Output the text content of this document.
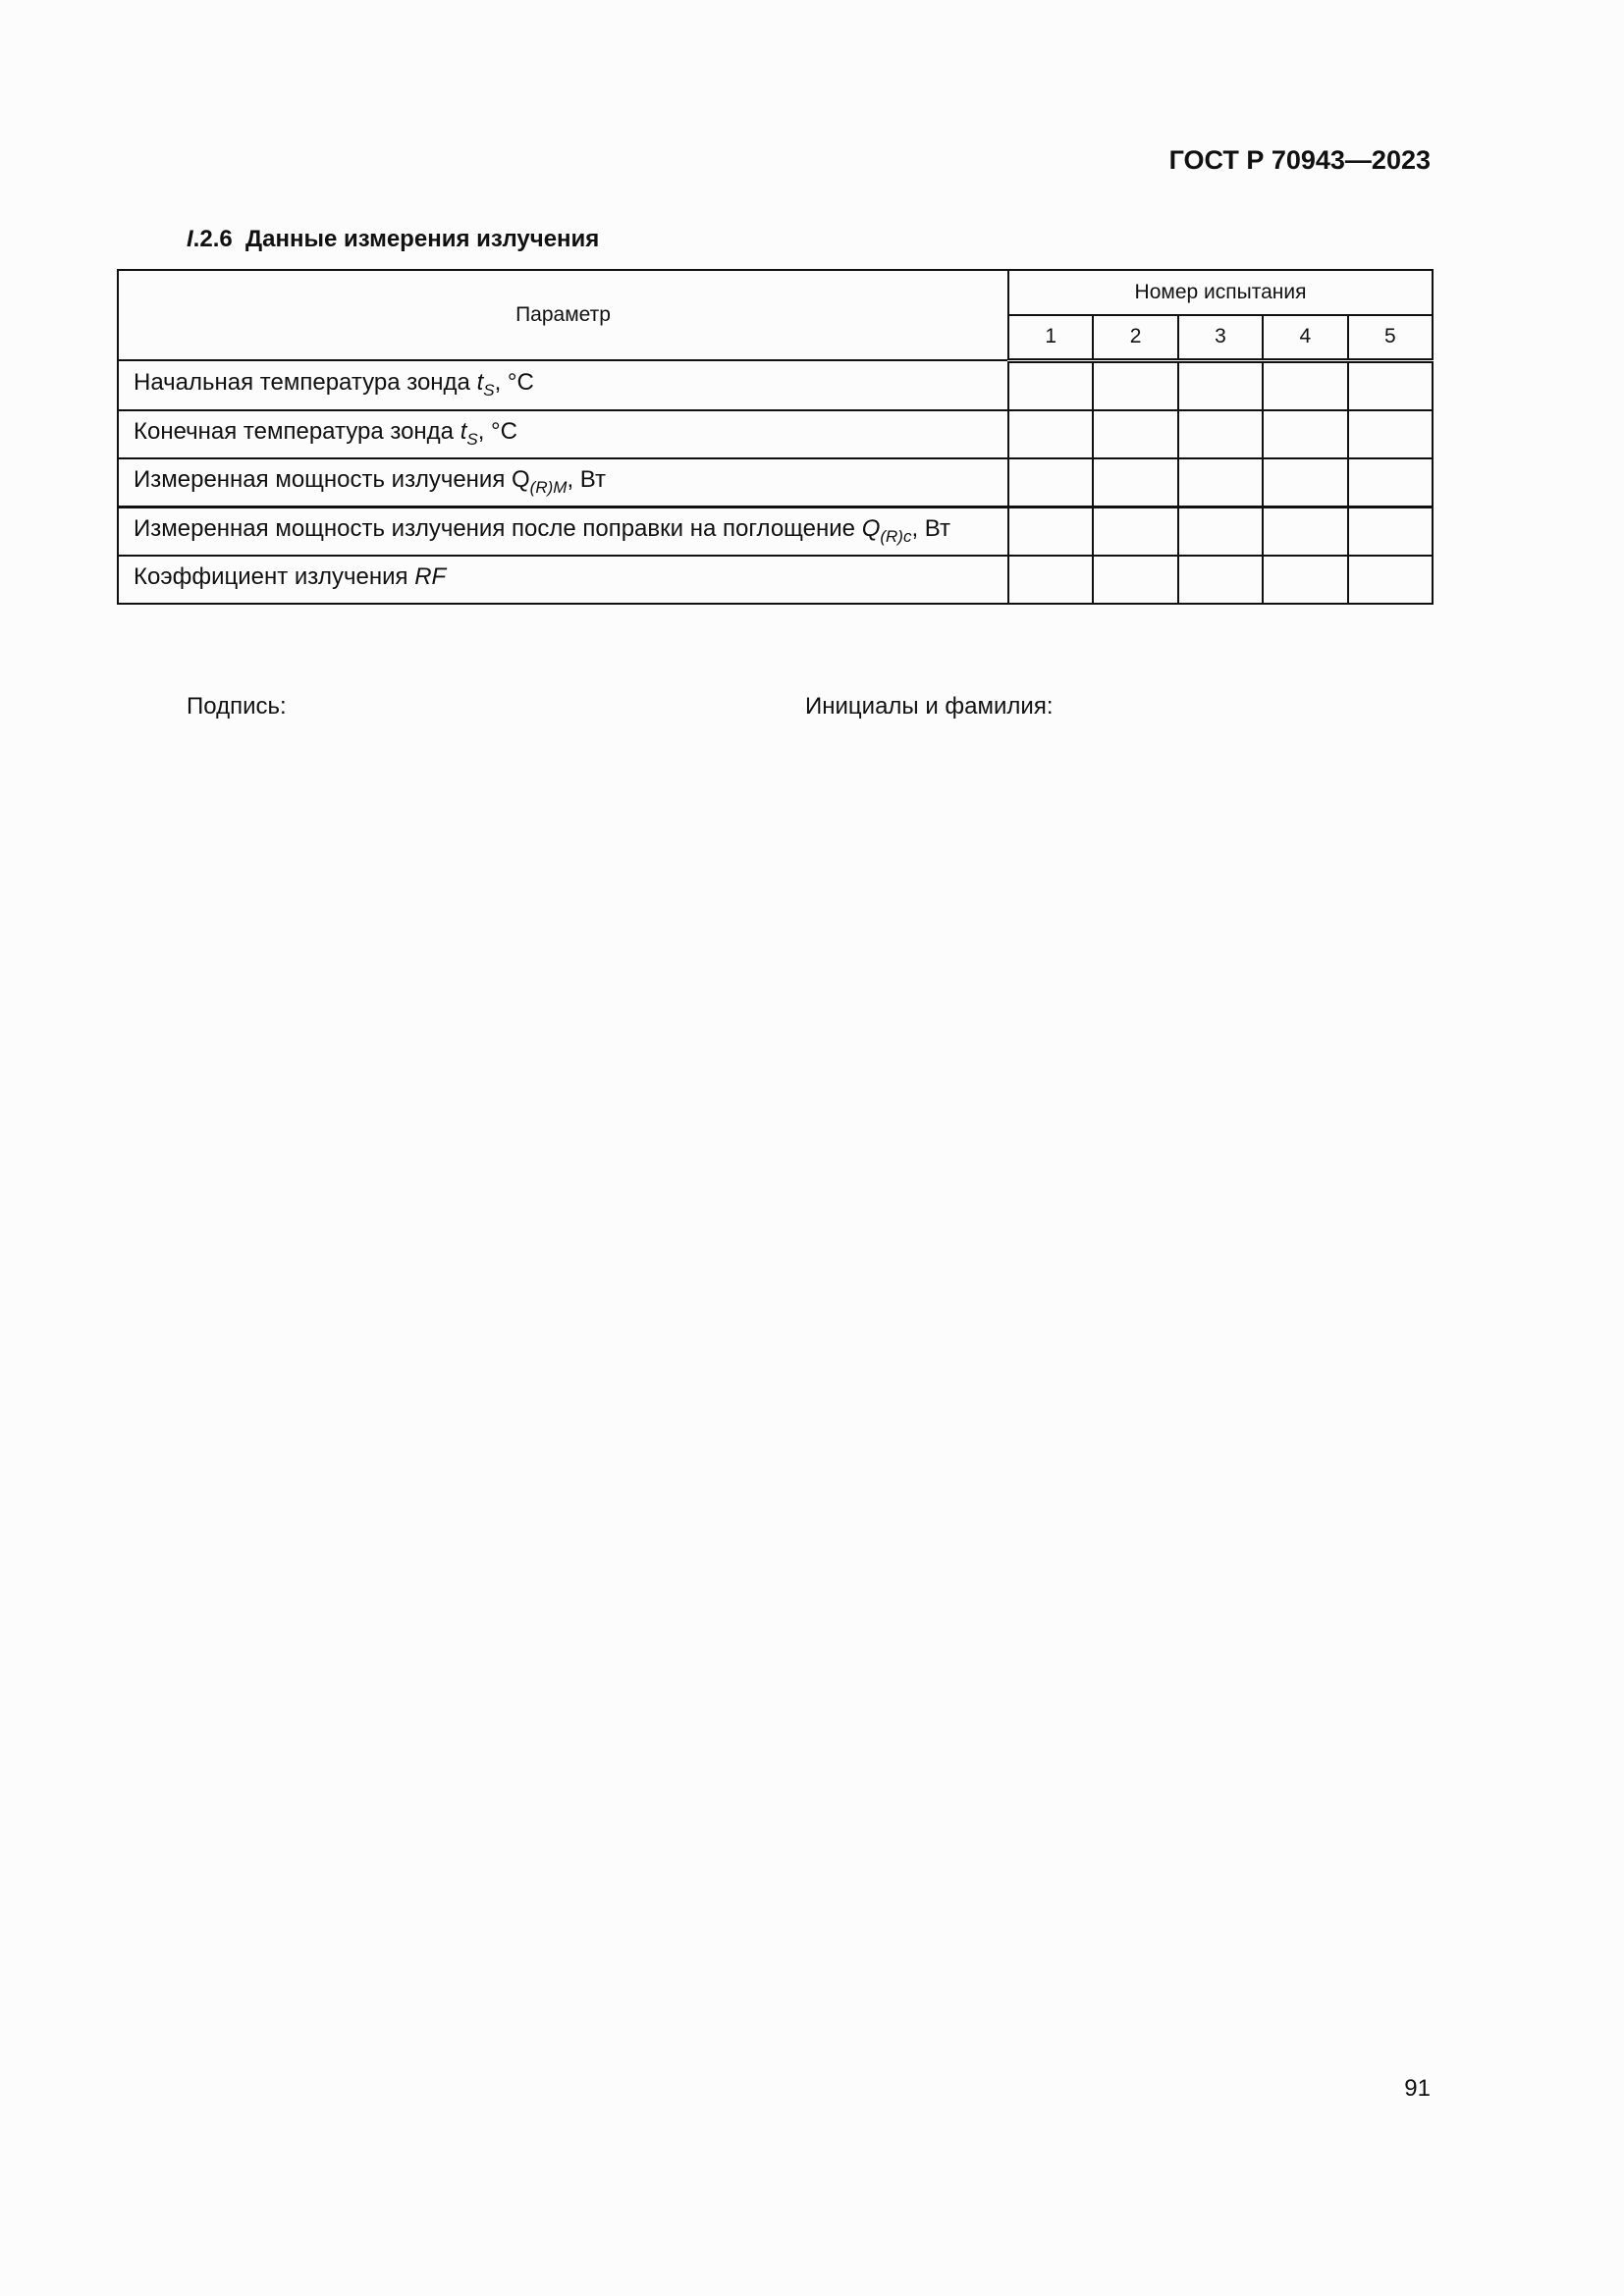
ГОСТ Р 70943—2023
I.2.6 Данные измерения излучения
Параметр	Номер испытания				
	1	2	3	4	5
Начальная температура зонда $t_S$, °С					
Конечная температура зонда $t_S$, °С					
Измеренная мощность излучения $Q_{(R)M}$, Вт					
Измеренная мощность излучения после поправки на поглощение $Q_{(R)c}$, Вт					
Коэффициент излучения RF					
Подпись:	Инициалы и фамилия:
91
